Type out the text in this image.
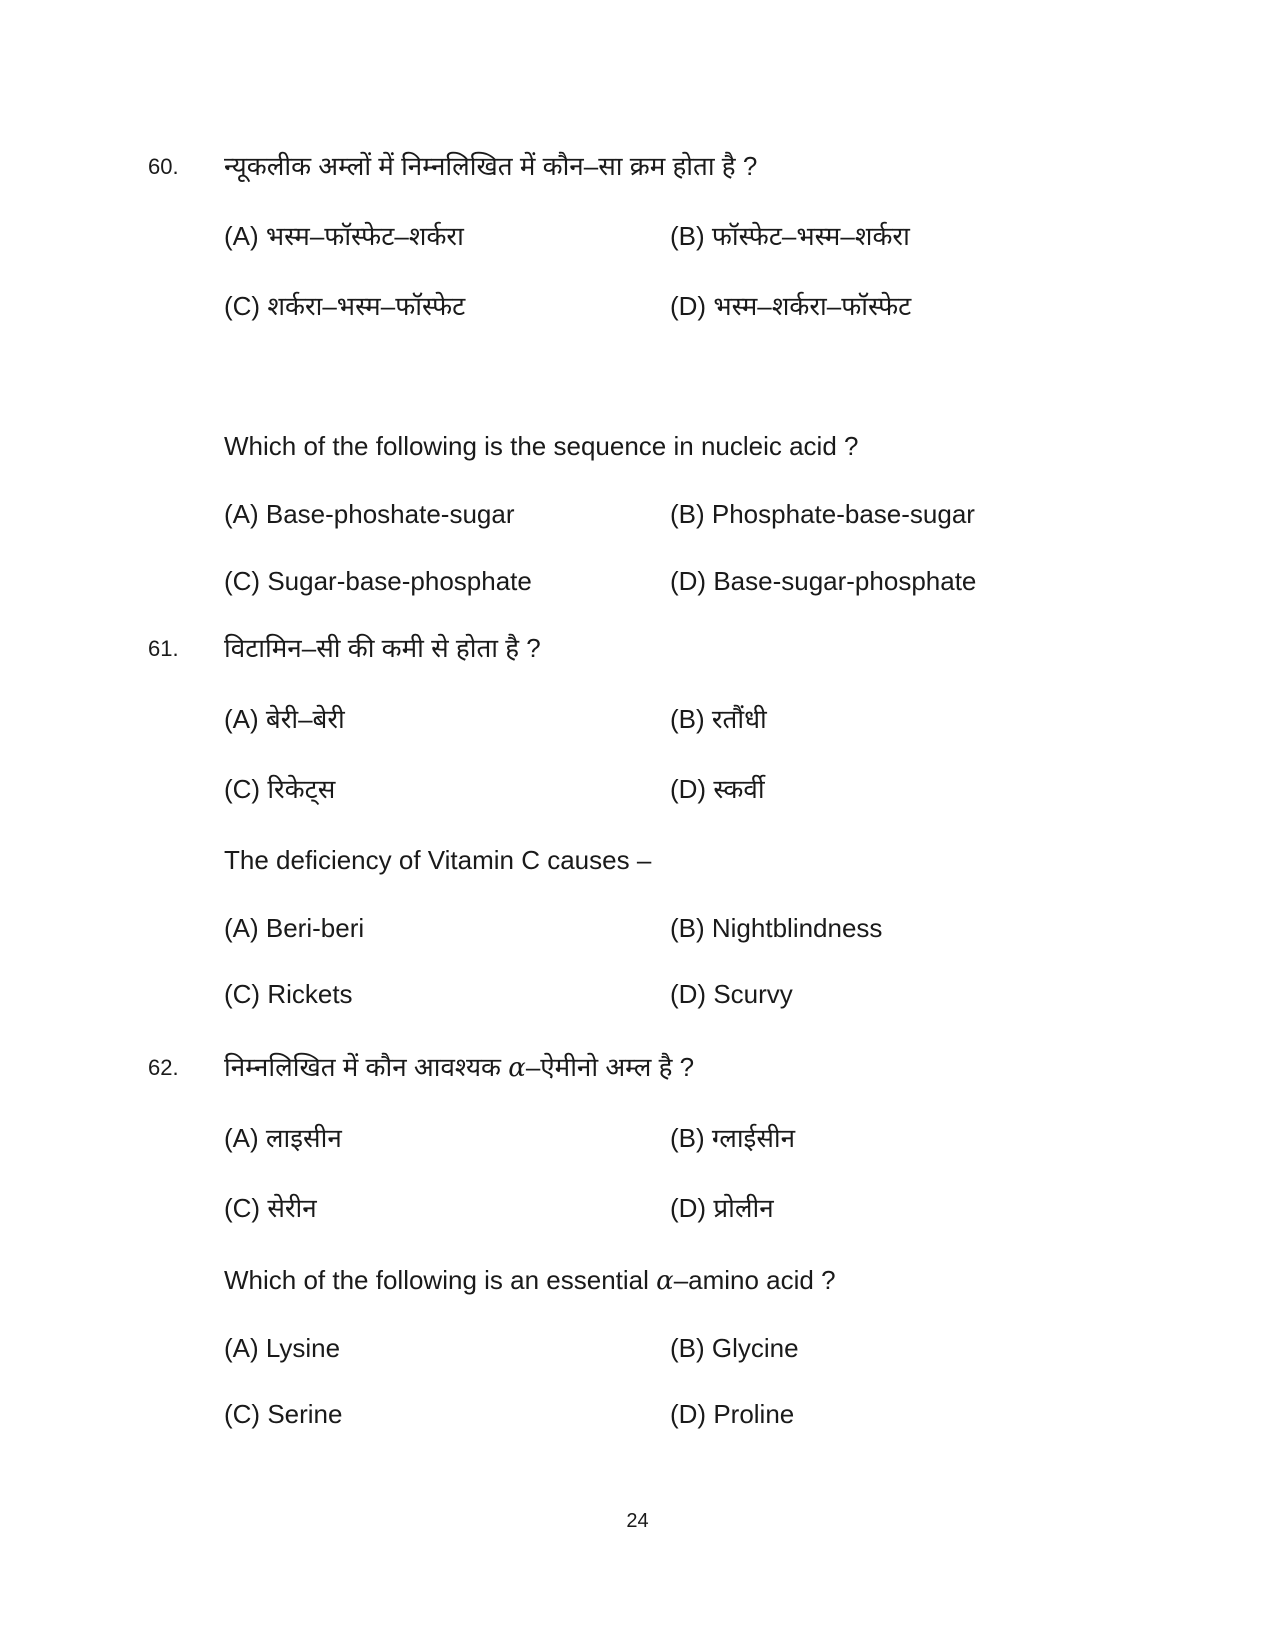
60. न्यूकलीक अम्लों में निम्नलिखित में कौन–सा क्रम होता है ?
(A) भस्म–फॉस्फेट–शर्करा	(B) फॉस्फेट–भस्म–शर्करा
(C) शर्करा–भस्म–फॉस्फेट	(D) भस्म–शर्करा–फॉस्फेट
Which of the following is the sequence in nucleic acid ?
(A) Base-phoshate-sugar	(B) Phosphate-base-sugar
(C) Sugar-base-phosphate	(D) Base-sugar-phosphate
61. विटामिन–सी की कमी से होता है ?
(A) बेरी–बेरी	(B) रतौंधी
(C) रिकेट्स	(D) स्कर्वी
The deficiency of Vitamin C causes –
(A) Beri-beri	(B) Nightblindness
(C) Rickets	(D) Scurvy
62. निम्नलिखित में कौन आवश्यक α–ऐमीनो अम्ल है ?
(A) लाइसीन	(B) ग्लाईसीन
(C) सेरीन	(D) प्रोलीन
Which of the following is an essential α–amino acid ?
(A) Lysine	(B) Glycine
(C) Serine	(D) Proline
24
